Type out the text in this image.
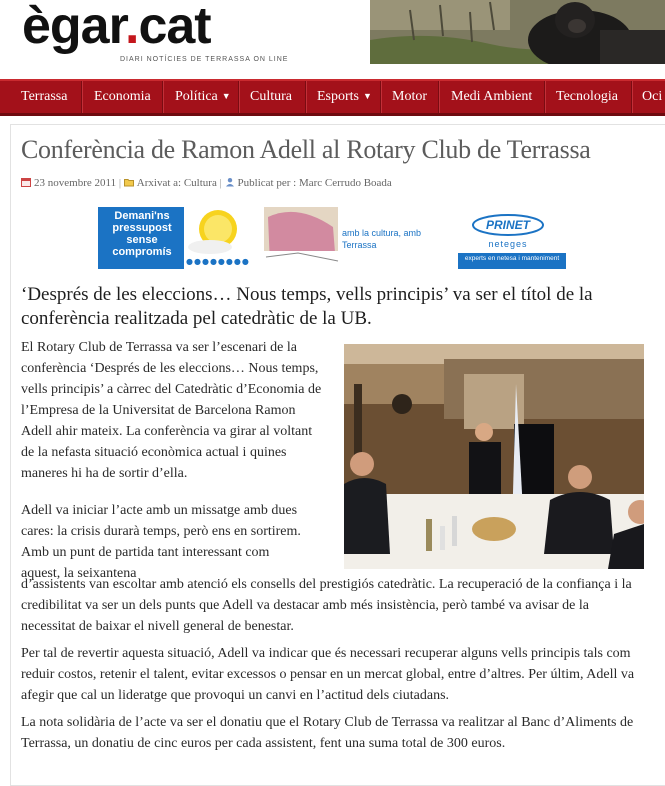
ègar.cat
DIARI NOTÍCIES DE TERRASSA ON LINE
Terrassa Economia Política ▼ Cultura Esports ▼ Motor Medi Ambient Tecnologia Oci
Conferència de Ramon Adell al Rotary Club de Terrassa
23 novembre 2011 | Arxivat a: Cultura | Publicat per : Marc Cerrudo Boada
Demani'ns pressupost sense compromís
●●●●●●●●
amb la cultura, amb Terrassa
PRINET
neteges
experts en netesa i manteniment
‘Després de les eleccions… Nous temps, vells principis’ va ser el títol de la conferència realitzada pel catedràtic de la UB.
El Rotary Club de Terrassa va ser l’escenari de la conferència ‘Després de les eleccions… Nous temps, vells principis’ a càrrec del Catedràtic d’Economia de l’Empresa de la Universitat de Barcelona Ramon Adell ahir mateix. La conferència va girar al voltant de la nefasta situació econòmica actual i quines maneres hi ha de sortir d’ella.
Adell va iniciar l’acte amb un missatge amb dues cares: la crisis durarà temps, però ens en sortirem. Amb un punt de partida tant interessant com aquest, la seixantena
d’assistents van escoltar amb atenció els consells del prestigiós catedràtic. La recuperació de la confiança i la credibilitat va ser un dels punts que Adell va destacar amb més insistència, però també va avisar de la necessitat de baixar el nivell general de benestar.
Per tal de revertir aquesta situació, Adell va indicar que és necessari recuperar alguns vells principis tals com reduir costos, retenir el talent, evitar excessos o pensar en un mercat global, entre d’altres. Per últim, Adell va afegir que cal un lideratge que provoqui un canvi en l’actitud dels ciutadans.
La nota solidària de l’acte va ser el donatiu que el Rotary Club de Terrassa va realitzar al Banc d’Aliments de Terrassa, un donatiu de cinc euros per cada assistent, fent una suma total de 300 euros.
